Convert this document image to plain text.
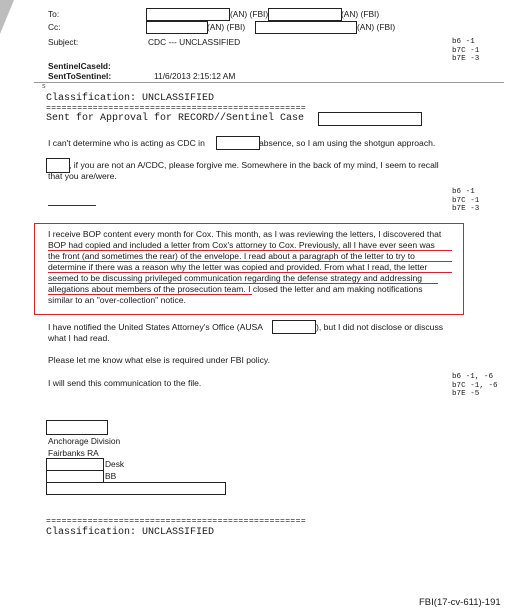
To:	(AN) (FBI)	(AN) (FBI)
Cc:	(AN) (FBI)	(AN) (FBI)
Subject:	CDC --- UNCLASSIFIED
SentinelCaseId:
SentToSentinel:	11/6/2013 2:15:12 AM
b6 -1
b7C -1
b7E -3
s
Classification: UNCLASSIFIED
==================================================
Sent for Approval for RECORD//Sentinel Case
I can't determine who is acting as CDC in	absence, so I am using the shotgun approach.
, if you are not an A/CDC, please forgive me. Somewhere in the back of my mind, I seem to recall
that you are/were.
b6 -1
b7C -1
b7E -3
I receive BOP content every month for Cox. This month, as I was reviewing the letters, I discovered that
BOP had copied and included a letter from Cox's attorney to Cox. Previously, all I have ever seen was
the front (and sometimes the rear) of the envelope. I read about a paragraph of the letter to try to
determine if there was a reason why the letter was copied and provided. From what I read, the letter
seemed to be discussing privileged communication regarding the defense strategy and addressing
allegations about members of the prosecution team. I closed the letter and am making notifications
similar to an "over-collection" notice.
I have notified the United States Attorney's Office (AUSA	), but I did not disclose or discuss
what I had read.
Please let me know what else is required under FBI policy.
I will send this communication to the file.
b6 -1, -6
b7C -1, -6
b7E -5
Anchorage Division
Fairbanks RA
Desk
BB
==================================================
Classification: UNCLASSIFIED
FBI(17-cv-611)-191
